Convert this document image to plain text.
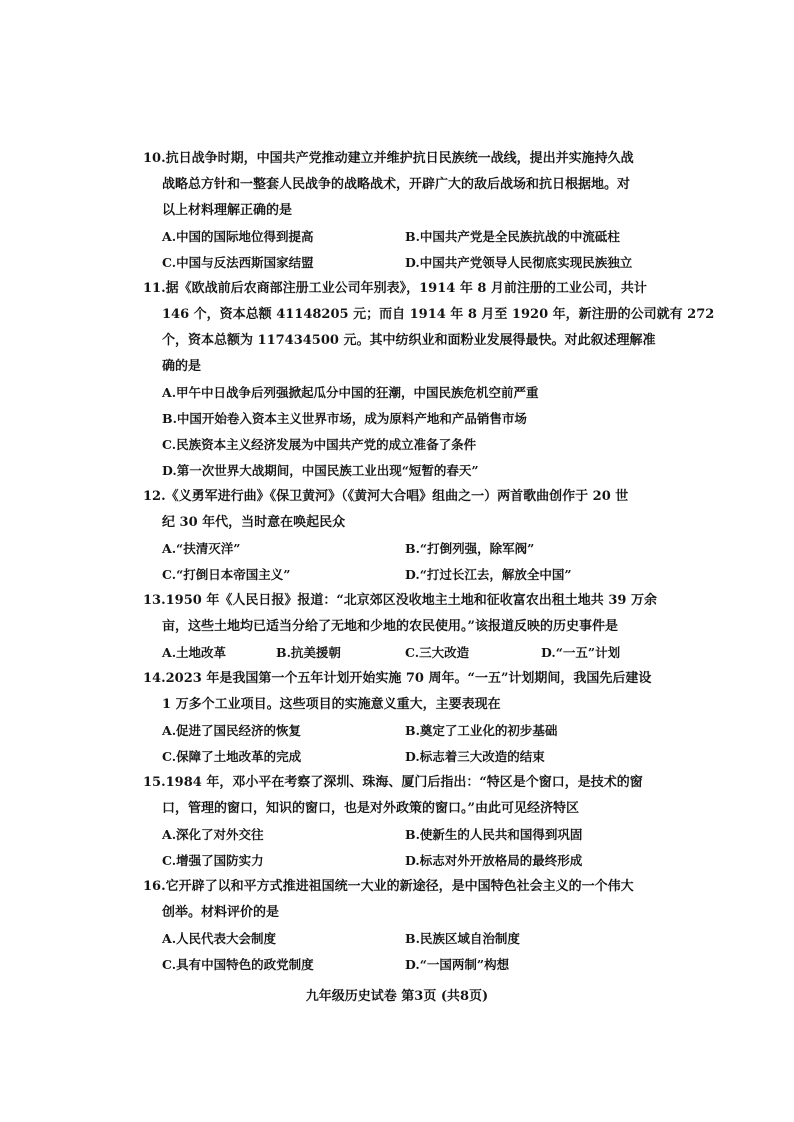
10.抗日战争时期，中国共产党推动建立并维护抗日民族统一战线，提出并实施持久战
战略总方针和一整套人民战争的战略战术，开辟广大的敌后战场和抗日根据地。对
以上材料理解正确的是
A.中国的国际地位得到提高	B.中国共产党是全民族抗战的中流砥柱
C.中国与反法西斯国家结盟	D.中国共产党领导人民彻底实现民族独立
11.据《欧战前后农商部注册工业公司年别表》，1914 年 8 月前注册的工业公司，共计
146 个，资本总额 41148205 元；而自 1914 年 8 月至 1920 年，新注册的公司就有 272
个，资本总额为 117434500 元。其中纺织业和面粉业发展得最快。对此叙述理解准
确的是
A.甲午中日战争后列强掀起瓜分中国的狂潮，中国民族危机空前严重
B.中国开始卷入资本主义世界市场，成为原料产地和产品销售市场
C.民族资本主义经济发展为中国共产党的成立准备了条件
D.第一次世界大战期间，中国民族工业出现“短暂的春天”
12.《义勇军进行曲》《保卫黄河》（《黄河大合唱》组曲之一）两首歌曲创作于 20 世
纪 30 年代，当时意在唤起民众
A.“扶清灭洋”	B.“打倒列强，除军阀”
C.“打倒日本帝国主义”	D.“打过长江去，解放全中国”
13.1950 年《人民日报》报道：“北京郊区没收地主土地和征收富农出租土地共 39 万余
亩，这些土地均已适当分给了无地和少地的农民使用。”该报道反映的历史事件是
A.土地改革	B.抗美援朝	C.三大改造	D.“一五”计划
14.2023 年是我国第一个五年计划开始实施 70 周年。“一五”计划期间，我国先后建设
1 万多个工业项目。这些项目的实施意义重大，主要表现在
A.促进了国民经济的恢复	B.奠定了工业化的初步基础
C.保障了土地改革的完成	D.标志着三大改造的结束
15.1984 年，邓小平在考察了深圳、珠海、厦门后指出：“特区是个窗口，是技术的窗
口，管理的窗口，知识的窗口，也是对外政策的窗口。”由此可见经济特区
A.深化了对外交往	B.使新生的人民共和国得到巩固
C.增强了国防实力	D.标志对外开放格局的最终形成
16.它开辟了以和平方式推进祖国统一大业的新途径，是中国特色社会主义的一个伟大
创举。材料评价的是
A.人民代表大会制度	B.民族区域自治制度
C.具有中国特色的政党制度	D.“一国两制”构想
九年级历史试卷 第3页 (共8页)
